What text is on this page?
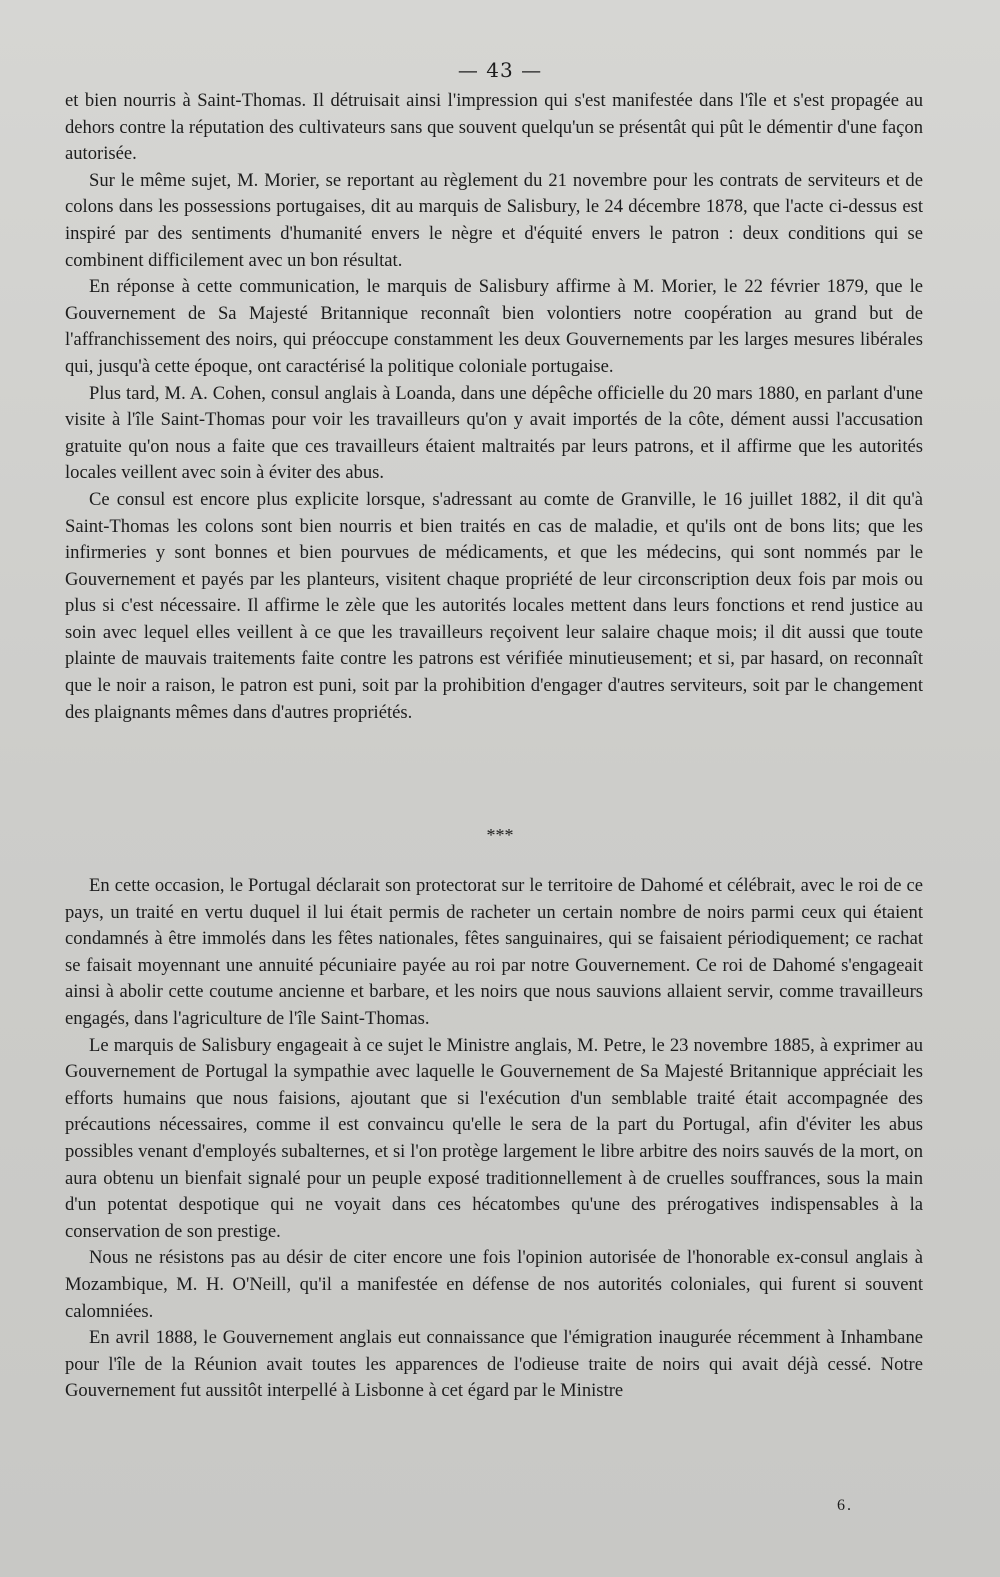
— 43 —

et bien nourris à Saint-Thomas. Il détruisait ainsi l'impression qui s'est manifestée dans l'île et s'est propagée au dehors contre la réputation des cultivateurs sans que souvent quelqu'un se présentât qui pût le démentir d'une façon autorisée.

Sur le même sujet, M. Morier, se reportant au règlement du 21 novembre pour les contrats de serviteurs et de colons dans les possessions portugaises, dit au marquis de Salisbury, le 24 décembre 1878, que l'acte ci-dessus est inspiré par des sentiments d'humanité envers le nègre et d'équité envers le patron : deux conditions qui se combinent difficilement avec un bon résultat.

En réponse à cette communication, le marquis de Salisbury affirme à M. Morier, le 22 février 1879, que le Gouvernement de Sa Majesté Britannique reconnaît bien volontiers notre coopération au grand but de l'affranchissement des noirs, qui préoccupe constamment les deux Gouvernements par les larges mesures libérales qui, jusqu'à cette époque, ont caractérisé la politique coloniale portugaise.

Plus tard, M. A. Cohen, consul anglais à Loanda, dans une dépêche officielle du 20 mars 1880, en parlant d'une visite à l'île Saint-Thomas pour voir les travailleurs qu'on y avait importés de la côte, dément aussi l'accusation gratuite qu'on nous a faite que ces travailleurs étaient maltraités par leurs patrons, et il affirme que les autorités locales veillent avec soin à éviter des abus.

Ce consul est encore plus explicite lorsque, s'adressant au comte de Granville, le 16 juillet 1882, il dit qu'à Saint-Thomas les colons sont bien nourris et bien traités en cas de maladie, et qu'ils ont de bons lits; que les infirmeries y sont bonnes et bien pourvues de médicaments, et que les médecins, qui sont nommés par le Gouvernement et payés par les planteurs, visitent chaque propriété de leur circonscription deux fois par mois ou plus si c'est nécessaire. Il affirme le zèle que les autorités locales mettent dans leurs fonctions et rend justice au soin avec lequel elles veillent à ce que les travailleurs reçoivent leur salaire chaque mois; il dit aussi que toute plainte de mauvais traitements faite contre les patrons est vérifiée minutieusement; et si, par hasard, on reconnaît que le noir a raison, le patron est puni, soit par la prohibition d'engager d'autres serviteurs, soit par le changement des plaignants mêmes dans d'autres propriétés.

***

En cette occasion, le Portugal déclarait son protectorat sur le territoire de Dahomé et célébrait, avec le roi de ce pays, un traité en vertu duquel il lui était permis de racheter un certain nombre de noirs parmi ceux qui étaient condamnés à être immolés dans les fêtes nationales, fêtes sanguinaires, qui se faisaient périodiquement; ce rachat se faisait moyennant une annuité pécuniaire payée au roi par notre Gouvernement. Ce roi de Dahomé s'engageait ainsi à abolir cette coutume ancienne et barbare, et les noirs que nous sauvions allaient servir, comme travailleurs engagés, dans l'agriculture de l'île Saint-Thomas.

Le marquis de Salisbury engageait à ce sujet le Ministre anglais, M. Petre, le 23 novembre 1885, à exprimer au Gouvernement de Portugal la sympathie avec laquelle le Gouvernement de Sa Majesté Britannique appréciait les efforts humains que nous faisions, ajoutant que si l'exécution d'un semblable traité était accompagnée des précautions nécessaires, comme il est convaincu qu'elle le sera de la part du Portugal, afin d'éviter les abus possibles venant d'employés subalternes, et si l'on protège largement le libre arbitre des noirs sauvés de la mort, on aura obtenu un bienfait signalé pour un peuple exposé traditionnellement à de cruelles souffrances, sous la main d'un potentat despotique qui ne voyait dans ces hécatombes qu'une des prérogatives indispensables à la conservation de son prestige.

Nous ne résistons pas au désir de citer encore une fois l'opinion autorisée de l'honorable ex-consul anglais à Mozambique, M. H. O'Neill, qu'il a manifestée en défense de nos autorités coloniales, qui furent si souvent calomniées.

En avril 1888, le Gouvernement anglais eut connaissance que l'émigration inaugurée récemment à Inhambane pour l'île de la Réunion avait toutes les apparences de l'odieuse traite de noirs qui avait déjà cessé. Notre Gouvernement fut aussitôt interpellé à Lisbonne à cet égard par le Ministre

6.
